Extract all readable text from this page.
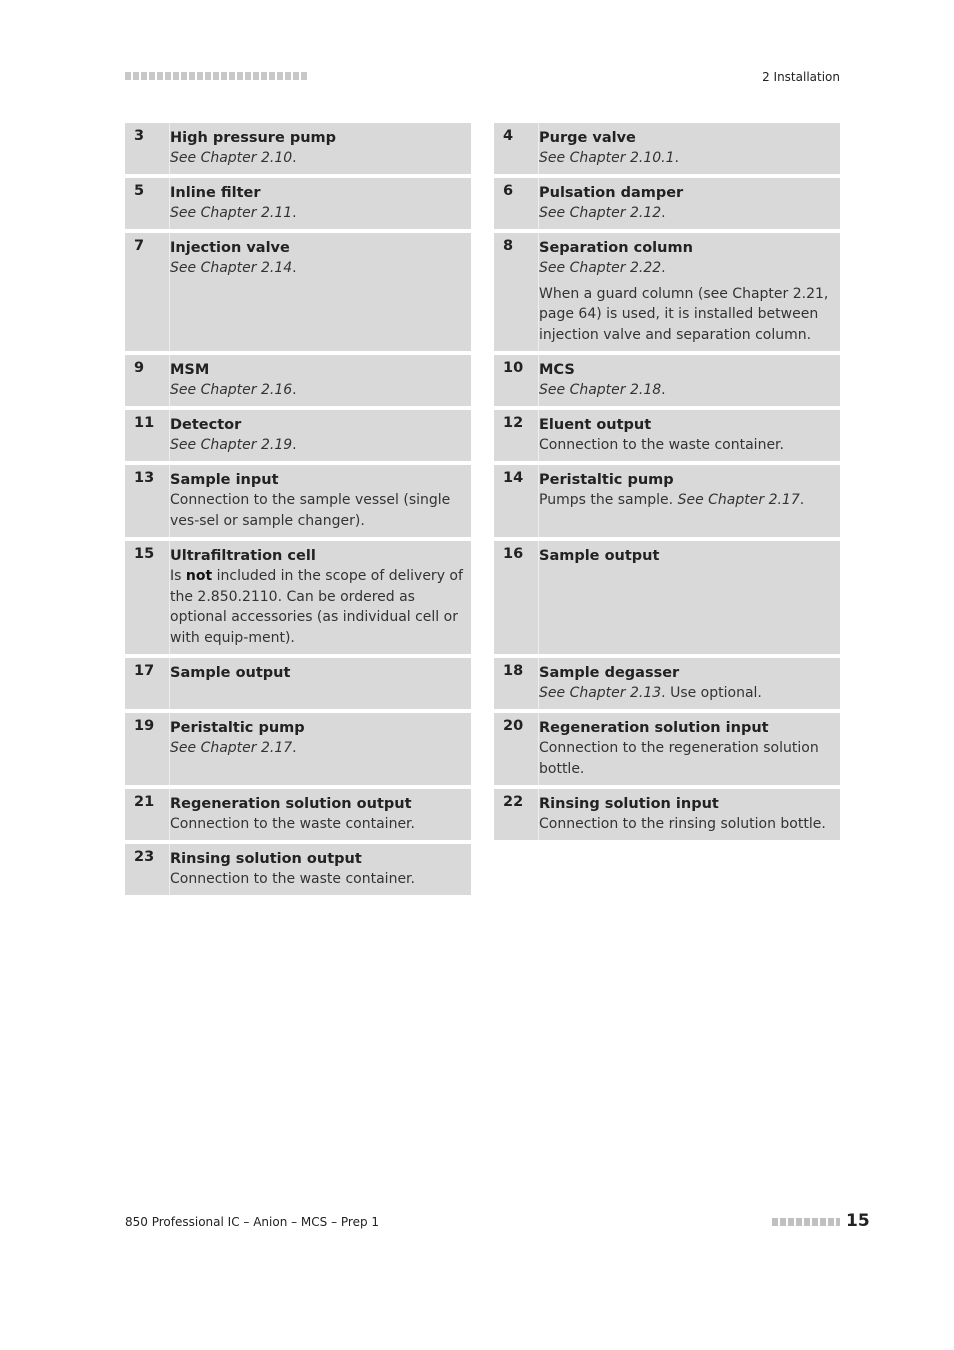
2 Installation
3	High pressure pump
See Chapter 2.10.
5	Inline filter
See Chapter 2.11.
7	Injection valve
See Chapter 2.14.
9	MSM
See Chapter 2.16.
11	Detector
See Chapter 2.19.
13	Sample input
Connection to the sample vessel (single ves-sel or sample changer).
15	Ultrafiltration cell
Is not included in the scope of delivery of the 2.850.2110. Can be ordered as optional accessories (as individual cell or with equip-ment).
17	Sample output
19	Peristaltic pump
See Chapter 2.17.
21	Regeneration solution output
Connection to the waste container.
23	Rinsing solution output
Connection to the waste container.
4	Purge valve
See Chapter 2.10.1.
6	Pulsation damper
See Chapter 2.12.
8	Separation column
See Chapter 2.22.
When a guard column (see Chapter 2.21, page 64) is used, it is installed between injection valve and separation column.
10	MCS
See Chapter 2.18.
12	Eluent output
Connection to the waste container.
14	Peristaltic pump
Pumps the sample. See Chapter 2.17.
16	Sample output
18	Sample degasser
See Chapter 2.13. Use optional.
20	Regeneration solution input
Connection to the regeneration solution bottle.
22	Rinsing solution input
Connection to the rinsing solution bottle.
850 Professional IC – Anion – MCS – Prep 1	15
